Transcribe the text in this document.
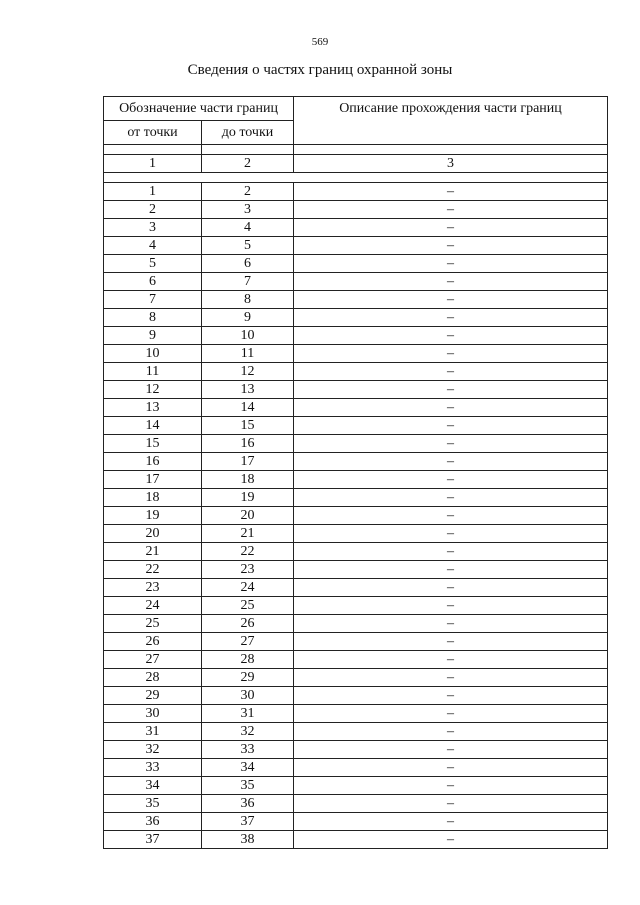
569
Сведения о частях границ охранной зоны
Обозначение части границ		Описание прохождения части границ
от точки	до точки	

1	2	3

1	2	–
2	3	–
3	4	–
4	5	–
5	6	–
6	7	–
7	8	–
8	9	–
9	10	–
10	11	–
11	12	–
12	13	–
13	14	–
14	15	–
15	16	–
16	17	–
17	18	–
18	19	–
19	20	–
20	21	–
21	22	–
22	23	–
23	24	–
24	25	–
25	26	–
26	27	–
27	28	–
28	29	–
29	30	–
30	31	–
31	32	–
32	33	–
33	34	–
34	35	–
35	36	–
36	37	–
37	38	–
